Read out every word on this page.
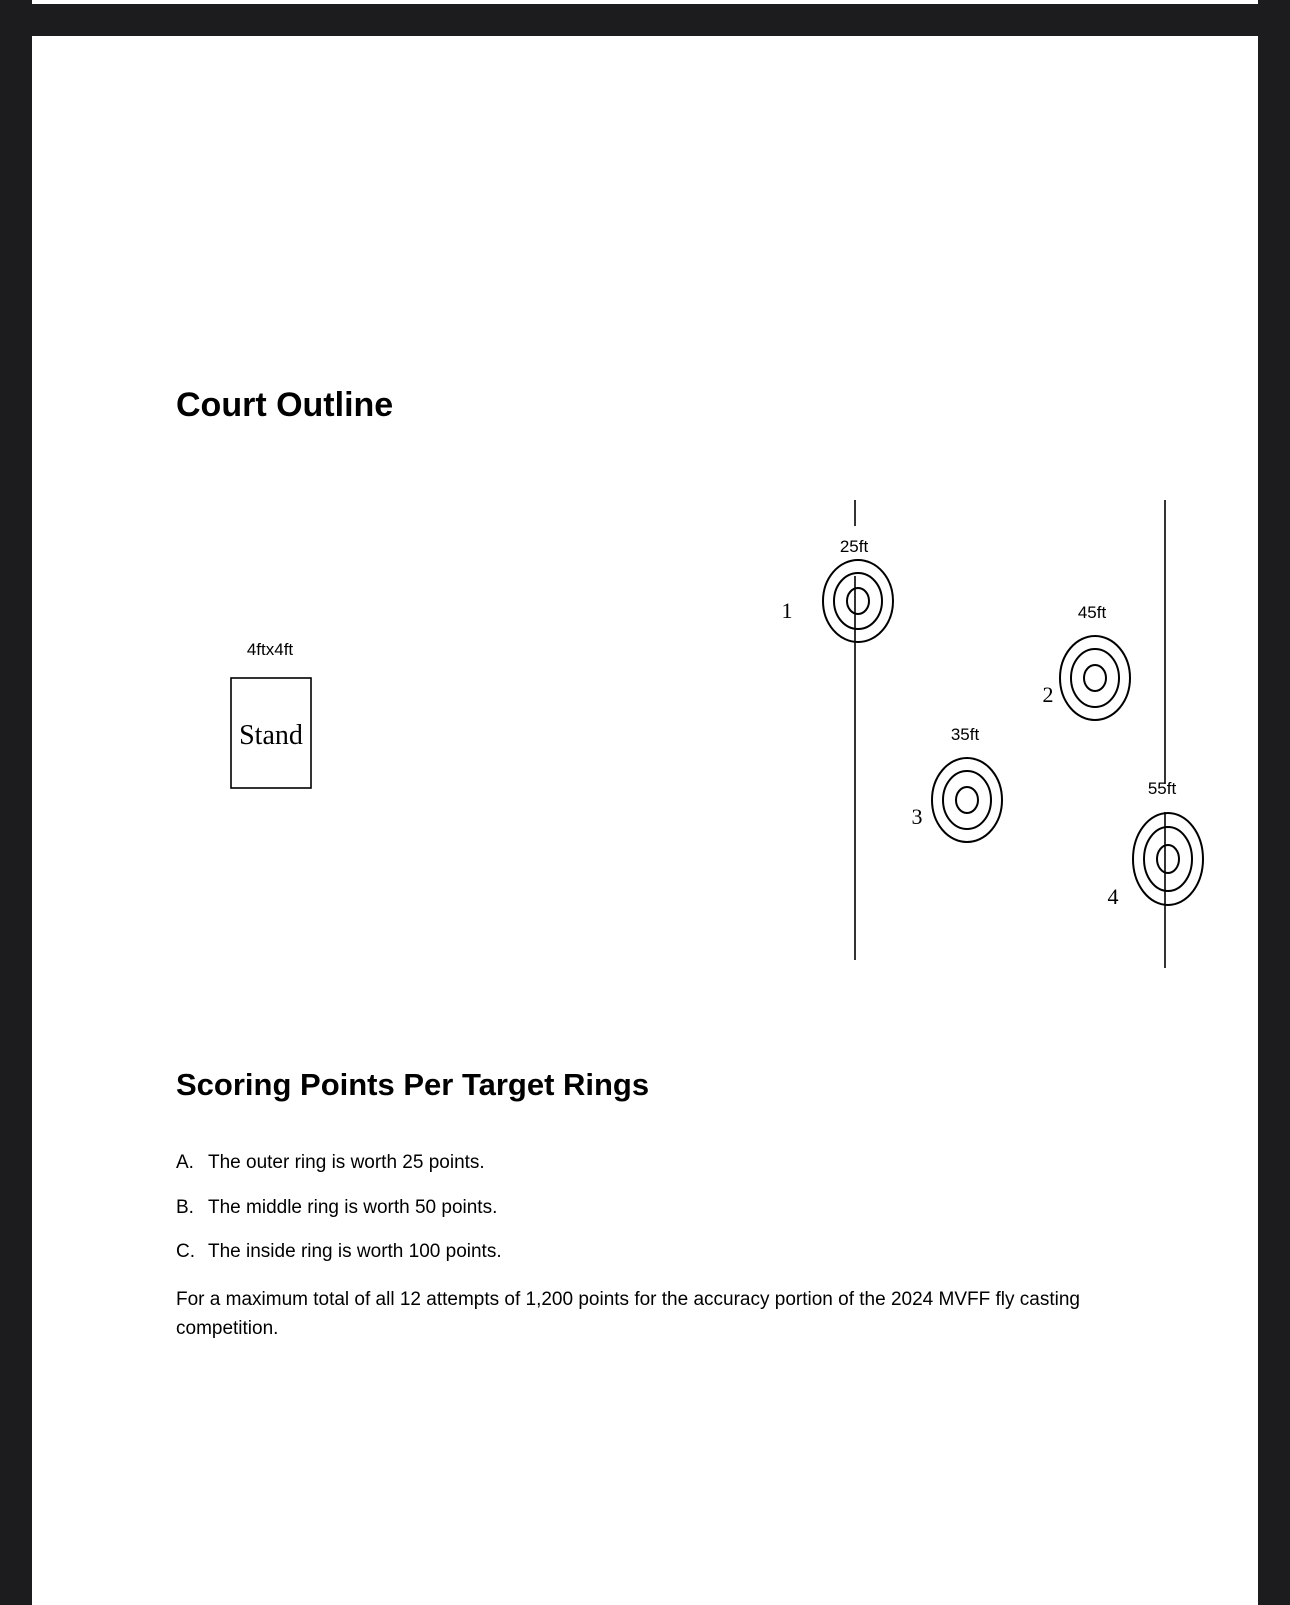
Court Outline
4ftx4ft
Stand
25ft
1	45ft
2
35ft
3
55ft
4
Scoring Points Per Target Rings
A. The outer ring is worth 25 points.
B. The middle ring is worth 50 points.
C. The inside ring is worth 100 points.

For a maximum total of all 12 attempts of 1,200 points for the accuracy portion of the 2024 MVFF fly casting competition.
